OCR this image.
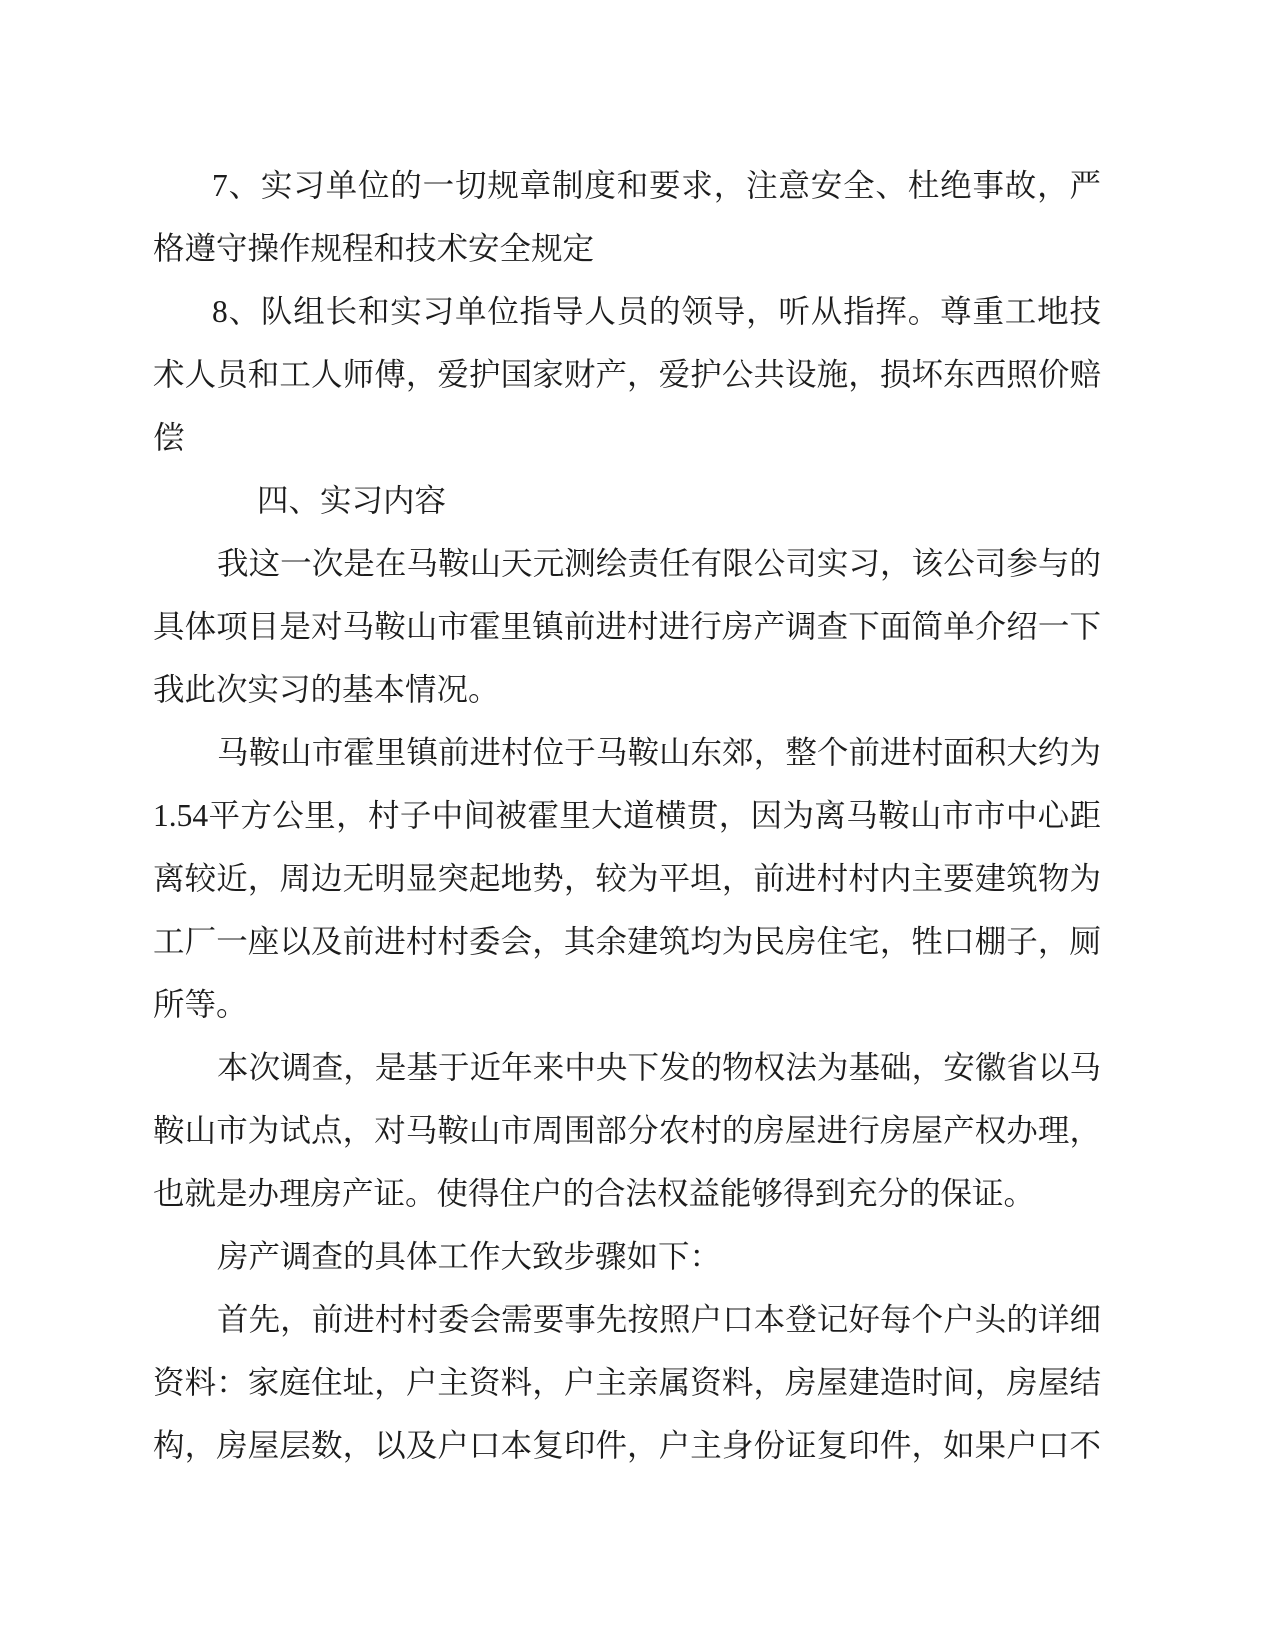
7、实习单位的一切规章制度和要求，注意安全、杜绝事故，严
格遵守操作规程和技术安全规定
8、队组长和实习单位指导人员的领导，听从指挥。尊重工地技
术人员和工人师傅，爱护国家财产，爱护公共设施，损坏东西照价赔
偿
四、实习内容
我这一次是在马鞍山天元测绘责任有限公司实习，该公司参与的
具体项目是对马鞍山市霍里镇前进村进行房产调查下面简单介绍一下
我此次实习的基本情况。
马鞍山市霍里镇前进村位于马鞍山东郊，整个前进村面积大约为
1.54平方公里，村子中间被霍里大道横贯，因为离马鞍山市市中心距
离较近，周边无明显突起地势，较为平坦，前进村村内主要建筑物为
工厂一座以及前进村村委会，其余建筑均为民房住宅，牲口棚子，厕
所等。
本次调查，是基于近年来中央下发的物权法为基础，安徽省以马
鞍山市为试点，对马鞍山市周围部分农村的房屋进行房屋产权办理，
也就是办理房产证。使得住户的合法权益能够得到充分的保证。
房产调查的具体工作大致步骤如下：
首先，前进村村委会需要事先按照户口本登记好每个户头的详细
资料：家庭住址，户主资料，户主亲属资料，房屋建造时间，房屋结
构，房屋层数，以及户口本复印件，户主身份证复印件，如果户口不
